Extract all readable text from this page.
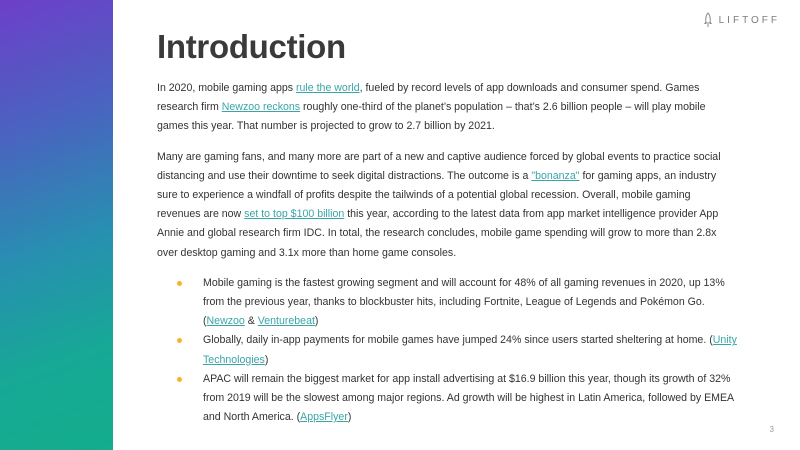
LIFTOFF
Introduction

In 2020, mobile gaming apps rule the world, fueled by record levels of app downloads and consumer spend. Games research firm Newzoo reckons roughly one-third of the planet’s population – that’s 2.6 billion people – will play mobile games this year. That number is projected to grow to 2.7 billion by 2021.

Many are gaming fans, and many more are part of a new and captive audience forced by global events to practice social distancing and use their downtime to seek digital distractions. The outcome is a "bonanza" for gaming apps, an industry sure to experience a windfall of profits despite the tailwinds of a potential global recession. Overall, mobile gaming revenues are now set to top $100 billion this year, according to the latest data from app market intelligence provider App Annie and global research firm IDC. In total, the research concludes, mobile game spending will grow to more than 2.8x over desktop gaming and 3.1x more than home game consoles.

Mobile gaming is the fastest growing segment and will account for 48% of all gaming revenues in 2020, up 13% from the previous year, thanks to blockbuster hits, including Fortnite, League of Legends and Pokémon Go. (Newzoo & Venturebeat)
Globally, daily in-app payments for mobile games have jumped 24% since users started sheltering at home. (Unity Technologies)
APAC will remain the biggest market for app install advertising at $16.9 billion this year, though its growth of 32% from 2019 will be the slowest among major regions. Ad growth will be highest in Latin America, followed by EMEA and North America. (AppsFlyer)
3
